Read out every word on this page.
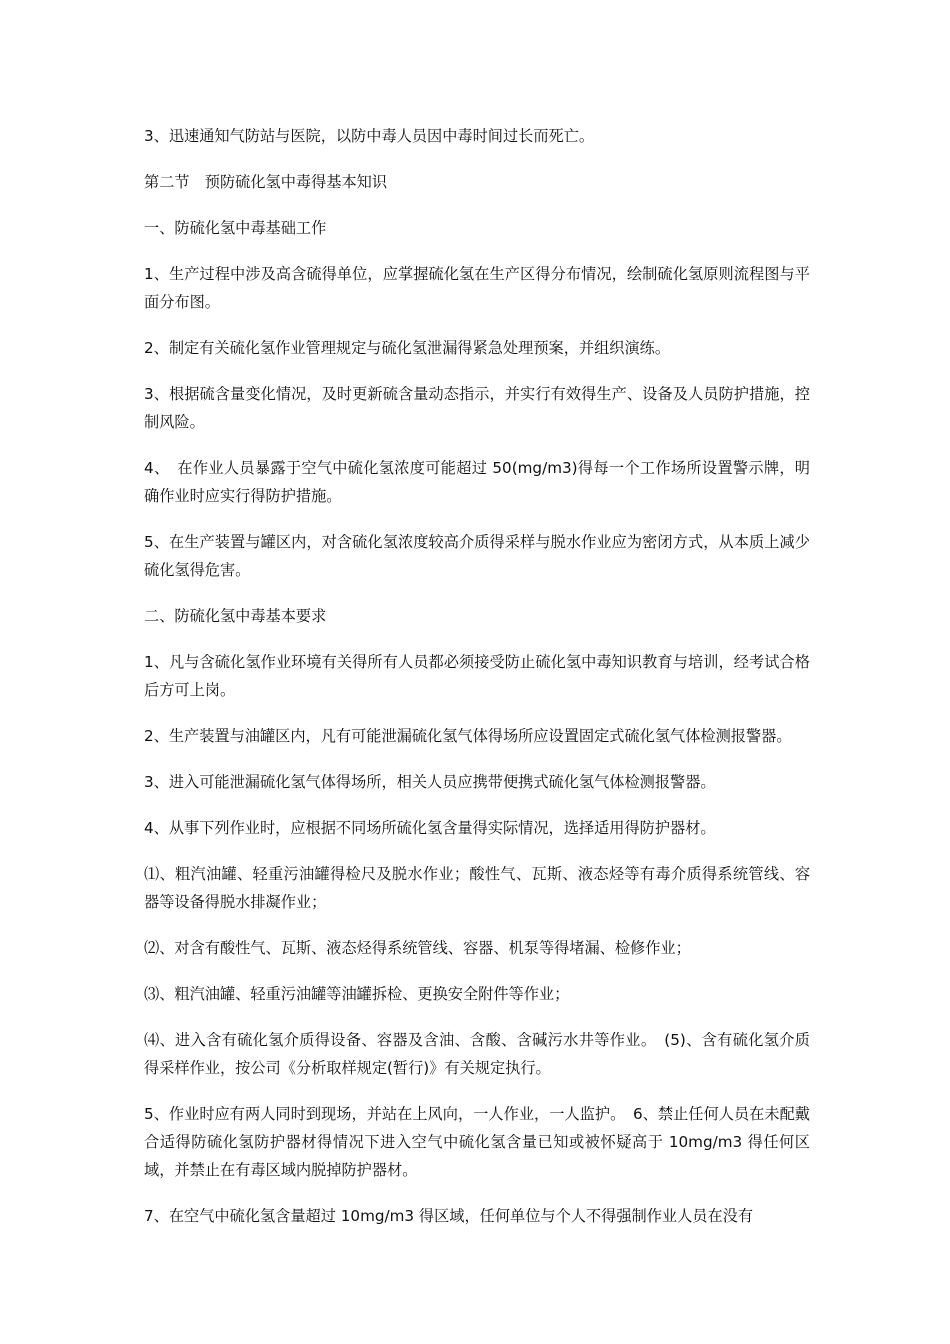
3、迅速通知气防站与医院，以防中毒人员因中毒时间过长而死亡。

第二节　预防硫化氢中毒得基本知识

一、防硫化氢中毒基础工作

1、生产过程中涉及高含硫得单位，应掌握硫化氢在生产区得分布情况，绘制硫化氢原则流程图与平面分布图。

2、制定有关硫化氢作业管理规定与硫化氢泄漏得紧急处理预案，并组织演练。

3、根据硫含量变化情况，及时更新硫含量动态指示，并实行有效得生产、设备及人员防护措施，控制风险。

4、　在作业人员暴露于空气中硫化氢浓度可能超过 50(mg/m3)得每一个工作场所设置警示牌，明确作业时应实行得防护措施。

5、在生产装置与罐区内，对含硫化氢浓度较高介质得采样与脱水作业应为密闭方式，从本质上减少硫化氢得危害。

二、防硫化氢中毒基本要求

1、凡与含硫化氢作业环境有关得所有人员都必须接受防止硫化氢中毒知识教育与培训，经考试合格后方可上岗。

2、生产装置与油罐区内，凡有可能泄漏硫化氢气体得场所应设置固定式硫化氢气体检测报警器。

3、进入可能泄漏硫化氢气体得场所，相关人员应携带便携式硫化氢气体检测报警器。

4、从事下列作业时，应根据不同场所硫化氢含量得实际情况，选择适用得防护器材。

⑴、粗汽油罐、轻重污油罐得检尺及脱水作业；酸性气、瓦斯、液态烃等有毒介质得系统管线、容器等设备得脱水排凝作业；

⑵、对含有酸性气、瓦斯、液态烃得系统管线、容器、机泵等得堵漏、检修作业；

⑶、粗汽油罐、轻重污油罐等油罐拆检、更换安全附件等作业；

⑷、进入含有硫化氢介质得设备、容器及含油、含酸、含碱污水井等作业。　(5)、含有硫化氢介质得采样作业，按公司《分析取样规定(暂行)》有关规定执行。

5、作业时应有两人同时到现场，并站在上风向，一人作业，一人监护。　6、禁止任何人员在未配戴合适得防硫化氢防护器材得情况下进入空气中硫化氢含量已知或被怀疑高于 10mg/m3 得任何区域，并禁止在有毒区域内脱掉防护器材。

7、在空气中硫化氢含量超过 10mg/m3 得区域，任何单位与个人不得强制作业人员在没有
